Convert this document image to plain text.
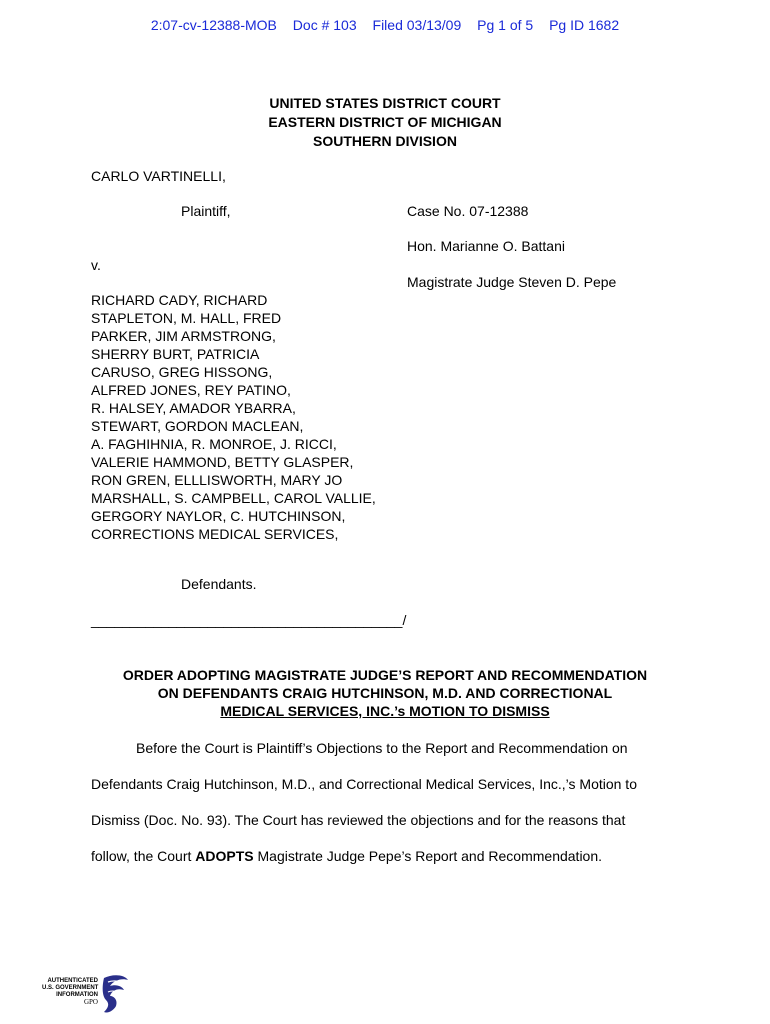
2:07-cv-12388-MOB Doc # 103 Filed 03/13/09 Pg 1 of 5 Pg ID 1682
UNITED STATES DISTRICT COURT
EASTERN DISTRICT OF MICHIGAN
SOUTHERN DIVISION
CARLO VARTINELLI,
Plaintiff,	Case No. 07-12388
Hon. Marianne O. Battani
v.
Magistrate Judge Steven D. Pepe
RICHARD CADY, RICHARD
STAPLETON, M. HALL, FRED
PARKER, JIM ARMSTRONG,
SHERRY BURT, PATRICIA
CARUSO, GREG HISSONG,
ALFRED JONES, REY PATINO,
R. HALSEY, AMADOR YBARRA,
STEWART, GORDON MACLEAN,
A. FAGHIHNIA, R. MONROE, J. RICCI,
VALERIE HAMMOND, BETTY GLASPER,
RON GREN, ELLLISWORTH, MARY JO
MARSHALL, S. CAMPBELL, CAROL VALLIE,
GERGORY NAYLOR, C. HUTCHINSON,
CORRECTIONS MEDICAL SERVICES,
Defendants.
________________________________________/
ORDER ADOPTING MAGISTRATE JUDGE’S REPORT AND RECOMMENDATION
ON DEFENDANTS CRAIG HUTCHINSON, M.D. AND CORRECTIONAL
MEDICAL SERVICES, INC.’s MOTION TO DISMISS
Before the Court is Plaintiff’s Objections to the Report and Recommendation on
Defendants Craig Hutchinson, M.D., and Correctional Medical Services, Inc.,’s Motion to
Dismiss (Doc. No. 93). The Court has reviewed the objections and for the reasons that
follow, the Court ADOPTS Magistrate Judge Pepe’s Report and Recommendation.
AUTHENTICATED
U.S. GOVERNMENT
INFORMATION
GPO
